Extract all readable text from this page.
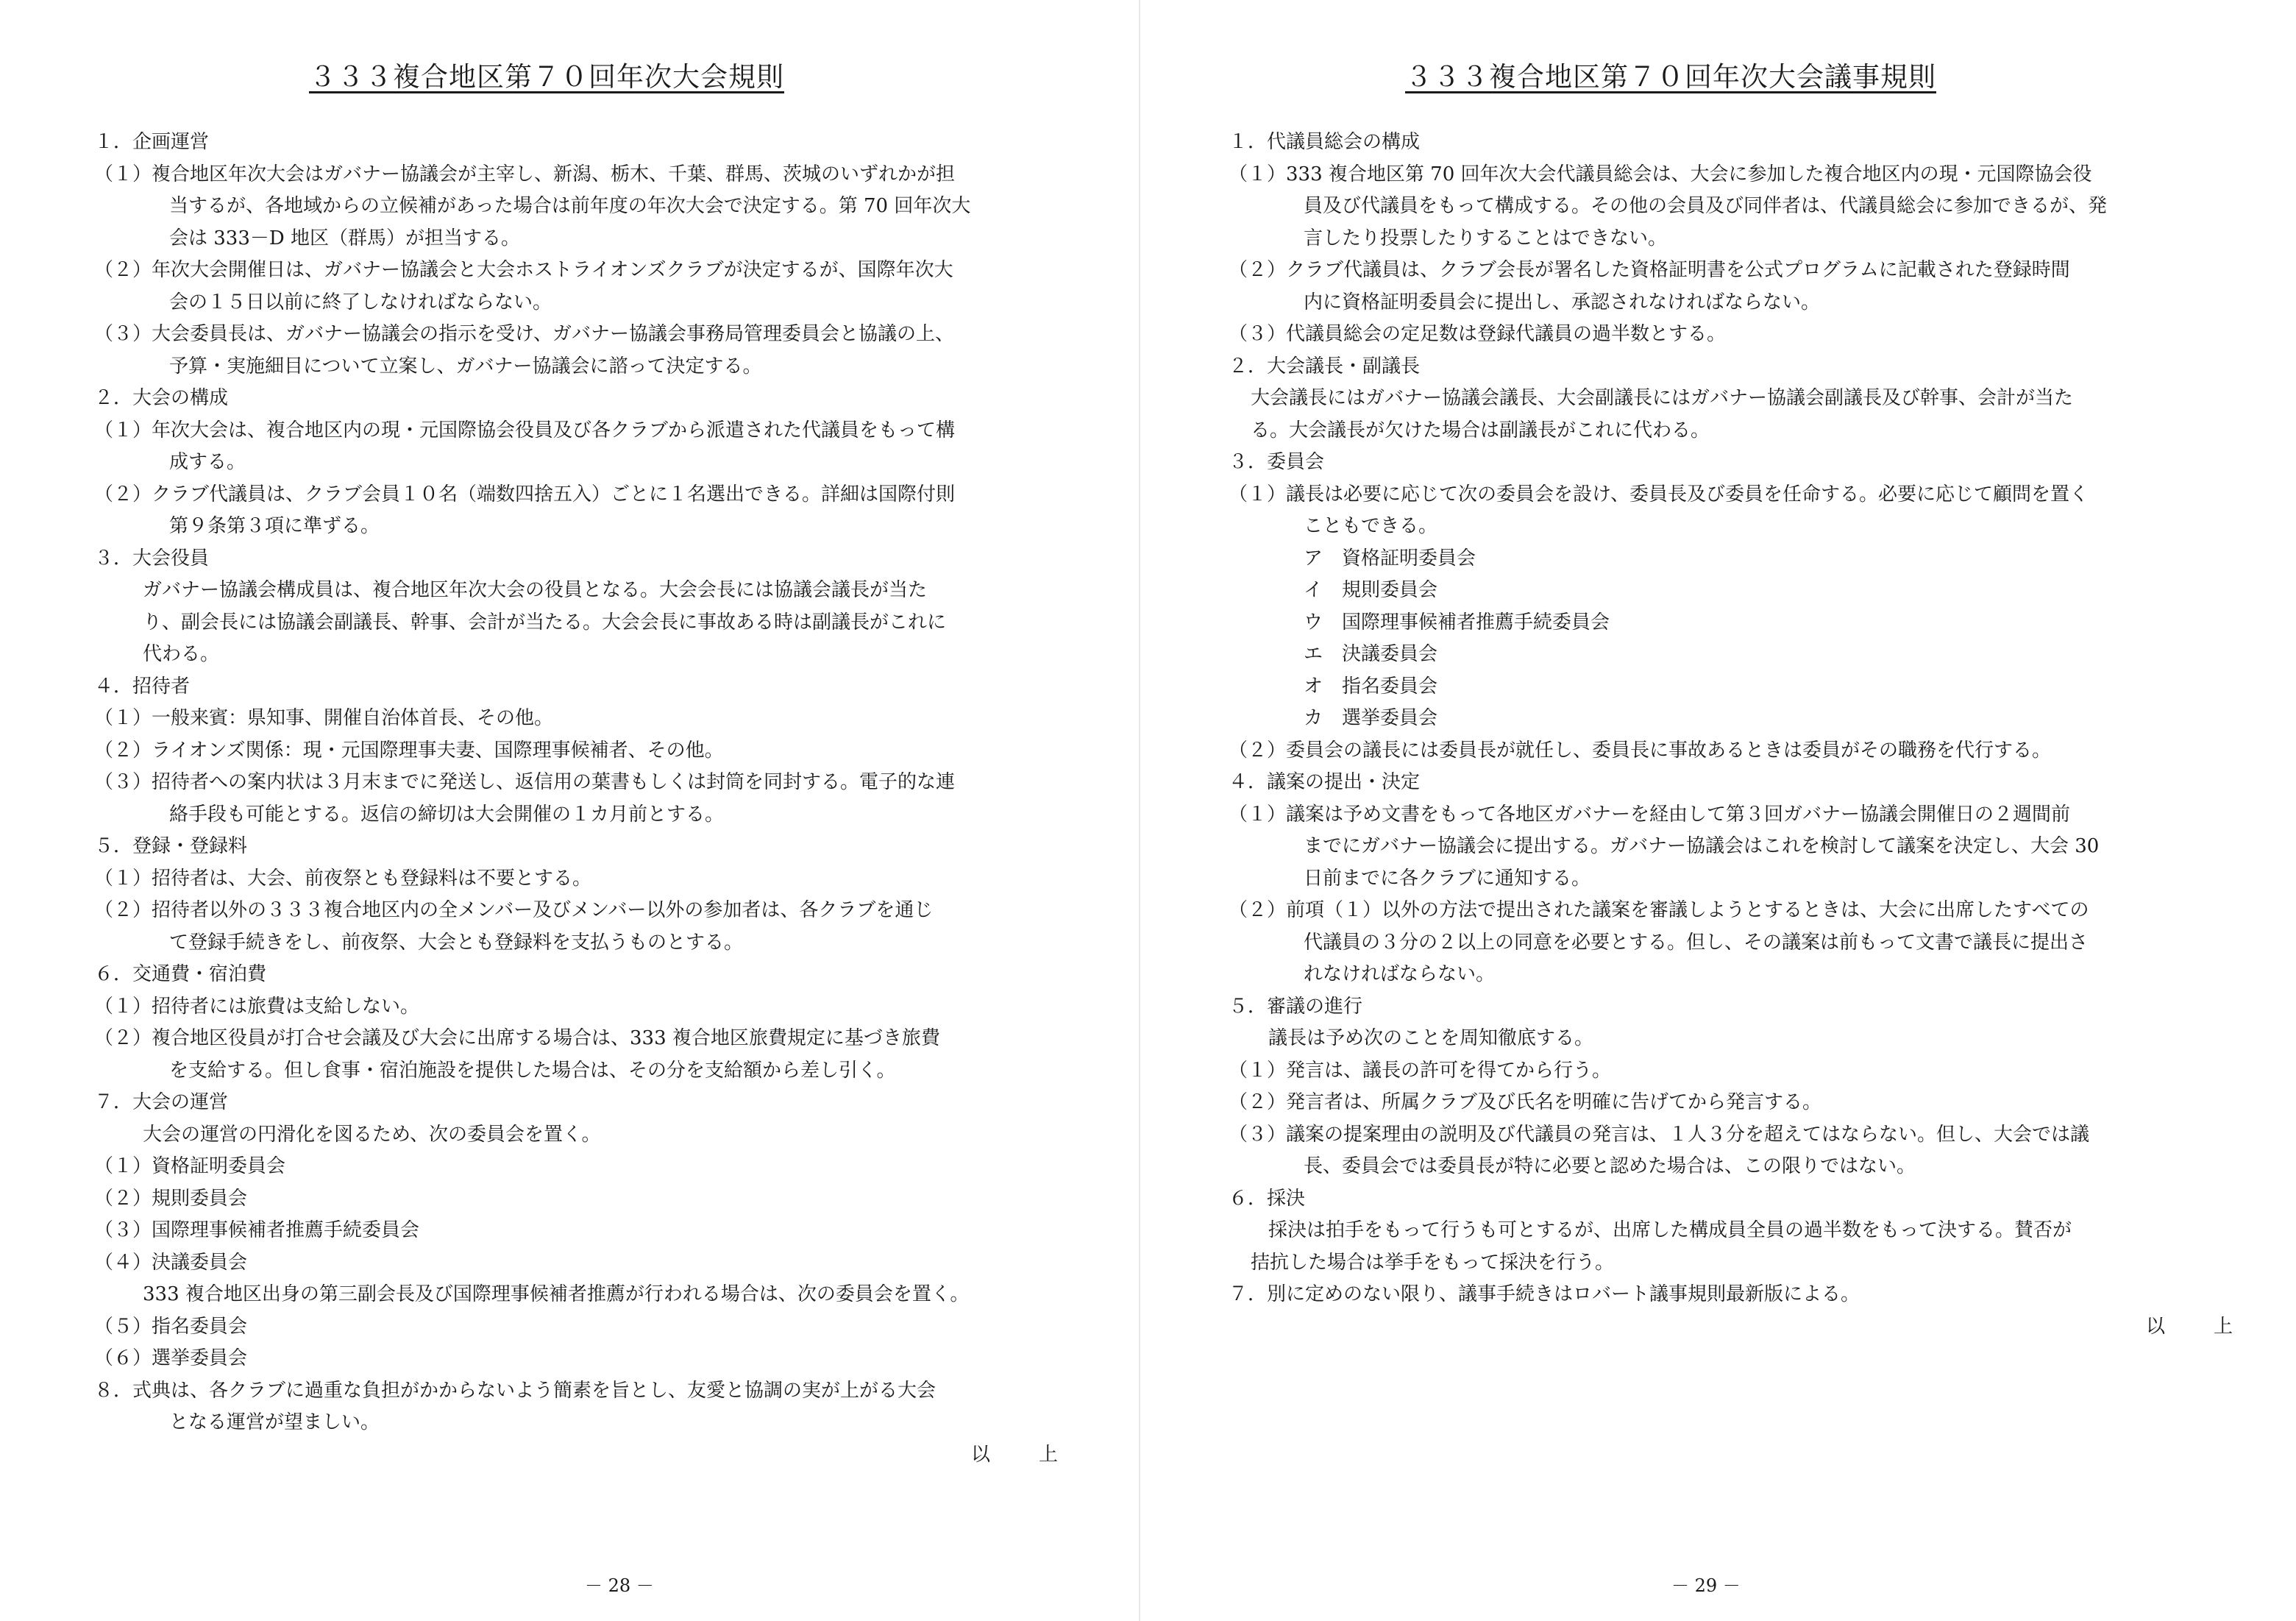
３３３複合地区第７０回年次大会規則
１．企画運営
（１）複合地区年次大会はガバナー協議会が主宰し、新潟、栃木、千葉、群馬、茨城のいずれかが担
当するが、各地域からの立候補があった場合は前年度の年次大会で決定する。第 70 回年次大
会は 333－D 地区（群馬）が担当する。
（２）年次大会開催日は、ガバナー協議会と大会ホストライオンズクラブが決定するが、国際年次大
会の１５日以前に終了しなければならない。
（３）大会委員長は、ガバナー協議会の指示を受け、ガバナー協議会事務局管理委員会と協議の上、
予算・実施細目について立案し、ガバナー協議会に諮って決定する。
２．大会の構成
（１）年次大会は、複合地区内の現・元国際協会役員及び各クラブから派遣された代議員をもって構
成する。
（２）クラブ代議員は、クラブ会員１０名（端数四捨五入）ごとに１名選出できる。詳細は国際付則
第９条第３項に準ずる。
３．大会役員
ガバナー協議会構成員は、複合地区年次大会の役員となる。大会会長には協議会議長が当た
り、副会長には協議会副議長、幹事、会計が当たる。大会会長に事故ある時は副議長がこれに
代わる。
４．招待者
（１）一般来賓：県知事、開催自治体首長、その他。
（２）ライオンズ関係：現・元国際理事夫妻、国際理事候補者、その他。
（３）招待者への案内状は３月末までに発送し、返信用の葉書もしくは封筒を同封する。電子的な連
絡手段も可能とする。返信の締切は大会開催の１カ月前とする。
５．登録・登録料
（１）招待者は、大会、前夜祭とも登録料は不要とする。
（２）招待者以外の３３３複合地区内の全メンバー及びメンバー以外の参加者は、各クラブを通じ
て登録手続きをし、前夜祭、大会とも登録料を支払うものとする。
６．交通費・宿泊費
（１）招待者には旅費は支給しない。
（２）複合地区役員が打合せ会議及び大会に出席する場合は、333 複合地区旅費規定に基づき旅費
を支給する。但し食事・宿泊施設を提供した場合は、その分を支給額から差し引く。
７．大会の運営
大会の運営の円滑化を図るため、次の委員会を置く。
（１）資格証明委員会
（２）規則委員会
（３）国際理事候補者推薦手続委員会
（４）決議委員会
333 複合地区出身の第三副会長及び国際理事候補者推薦が行われる場合は、次の委員会を置く。
（５）指名委員会
（６）選挙委員会
８．式典は、各クラブに過重な負担がかからないよう簡素を旨とし、友愛と協調の実が上がる大会
となる運営が望ましい。
以　上
－ 28 －
３３３複合地区第７０回年次大会議事規則
１．代議員総会の構成
（１）333 複合地区第 70 回年次大会代議員総会は、大会に参加した複合地区内の現・元国際協会役
員及び代議員をもって構成する。その他の会員及び同伴者は、代議員総会に参加できるが、発
言したり投票したりすることはできない。
（２）クラブ代議員は、クラブ会長が署名した資格証明書を公式プログラムに記載された登録時間
内に資格証明委員会に提出し、承認されなければならない。
（３）代議員総会の定足数は登録代議員の過半数とする。
２．大会議長・副議長
大会議長にはガバナー協議会議長、大会副議長にはガバナー協議会副議長及び幹事、会計が当た
る。大会議長が欠けた場合は副議長がこれに代わる。
３．委員会
（１）議長は必要に応じて次の委員会を設け、委員長及び委員を任命する。必要に応じて顧問を置く
こともできる。
ア　資格証明委員会
イ　規則委員会
ウ　国際理事候補者推薦手続委員会
エ　決議委員会
オ　指名委員会
カ　選挙委員会
（２）委員会の議長には委員長が就任し、委員長に事故あるときは委員がその職務を代行する。
４．議案の提出・決定
（１）議案は予め文書をもって各地区ガバナーを経由して第３回ガバナー協議会開催日の２週間前
までにガバナー協議会に提出する。ガバナー協議会はこれを検討して議案を決定し、大会 30
日前までに各クラブに通知する。
（２）前項（１）以外の方法で提出された議案を審議しようとするときは、大会に出席したすべての
代議員の３分の２以上の同意を必要とする。但し、その議案は前もって文書で議長に提出さ
れなければならない。
５．審議の進行
議長は予め次のことを周知徹底する。
（１）発言は、議長の許可を得てから行う。
（２）発言者は、所属クラブ及び氏名を明確に告げてから発言する。
（３）議案の提案理由の説明及び代議員の発言は、１人３分を超えてはならない。但し、大会では議
長、委員会では委員長が特に必要と認めた場合は、この限りではない。
６．採決
採決は拍手をもって行うも可とするが、出席した構成員全員の過半数をもって決する。賛否が
拮抗した場合は挙手をもって採決を行う。
７．別に定めのない限り、議事手続きはロバート議事規則最新版による。
以　上
－ 29 －
